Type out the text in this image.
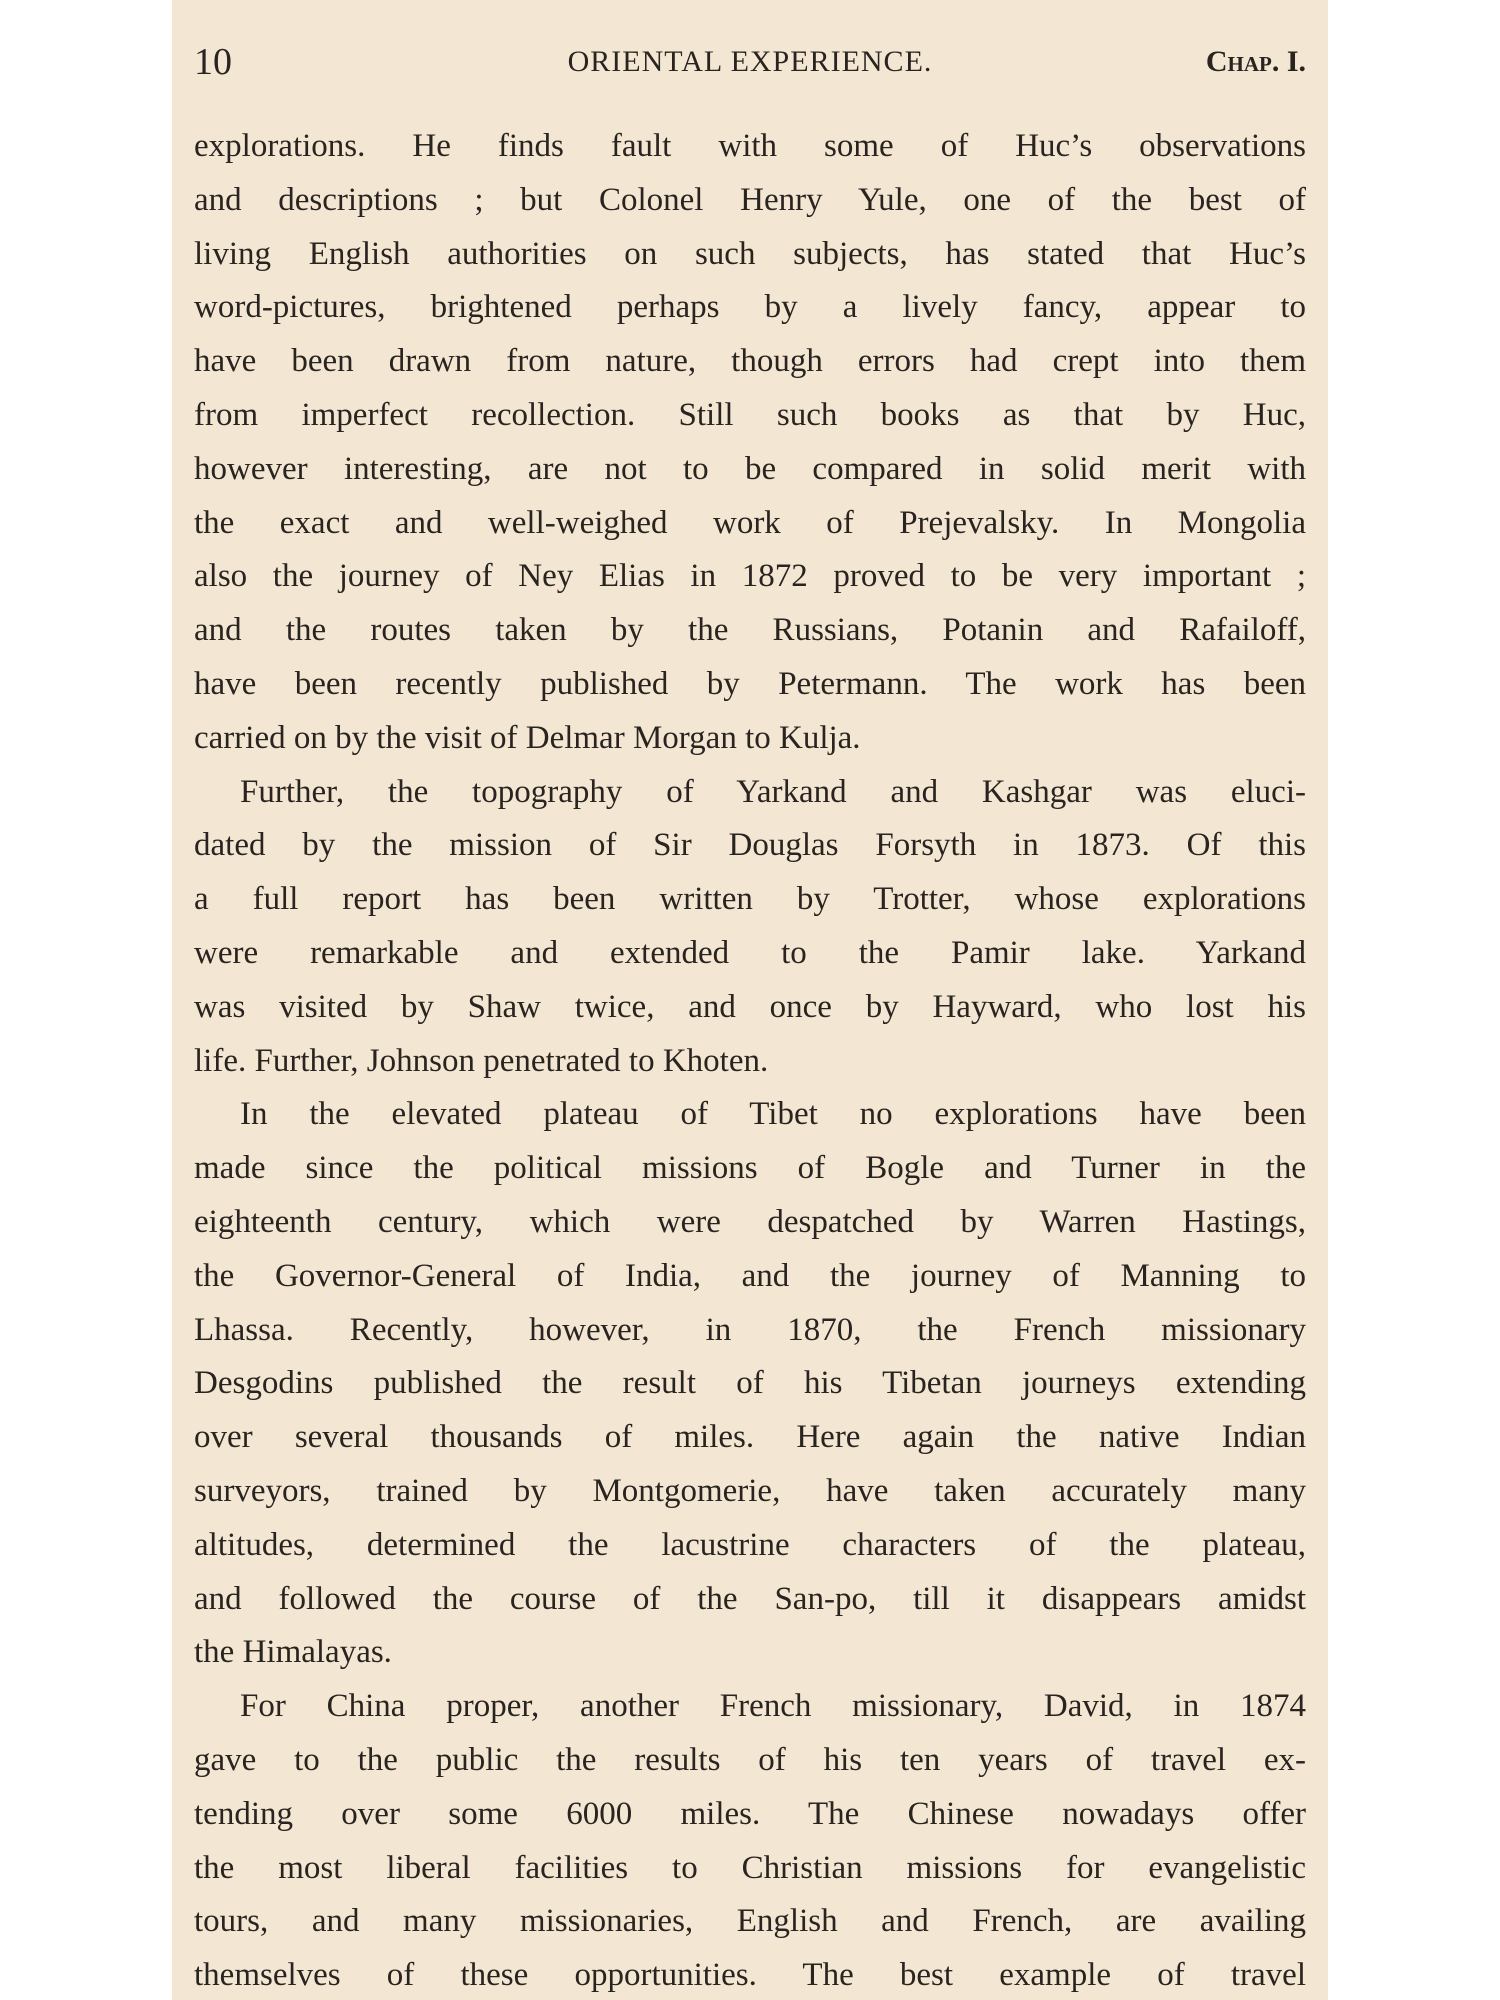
10	ORIENTAL EXPERIENCE.	Chap. I.
explorations. He finds fault with some of Huc’s observations
and descriptions ; but Colonel Henry Yule, one of the best of
living English authorities on such subjects, has stated that Huc’s
word-pictures, brightened perhaps by a lively fancy, appear to
have been drawn from nature, though errors had crept into them
from imperfect recollection. Still such books as that by Huc,
however interesting, are not to be compared in solid merit with
the exact and well-weighed work of Prejevalsky. In Mongolia
also the journey of Ney Elias in 1872 proved to be very important ;
and the routes taken by the Russians, Potanin and Rafailoff,
have been recently published by Petermann. The work has been
carried on by the visit of Delmar Morgan to Kulja.
Further, the topography of Yarkand and Kashgar was eluci-
dated by the mission of Sir Douglas Forsyth in 1873. Of this
a full report has been written by Trotter, whose explorations
were remarkable and extended to the Pamir lake. Yarkand
was visited by Shaw twice, and once by Hayward, who lost his
life. Further, Johnson penetrated to Khoten.
In the elevated plateau of Tibet no explorations have been
made since the political missions of Bogle and Turner in the
eighteenth century, which were despatched by Warren Hastings,
the Governor-General of India, and the journey of Manning to
Lhassa. Recently, however, in 1870, the French missionary
Desgodins published the result of his Tibetan journeys extending
over several thousands of miles. Here again the native Indian
surveyors, trained by Montgomerie, have taken accurately many
altitudes, determined the lacustrine characters of the plateau,
and followed the course of the San-po, till it disappears amidst
the Himalayas.
For China proper, another French missionary, David, in 1874
gave to the public the results of his ten years of travel ex-
tending over some 6000 miles. The Chinese nowadays offer
the most liberal facilities to Christian missions for evangelistic
tours, and many missionaries, English and French, are availing
themselves of these opportunities. The best example of travel
